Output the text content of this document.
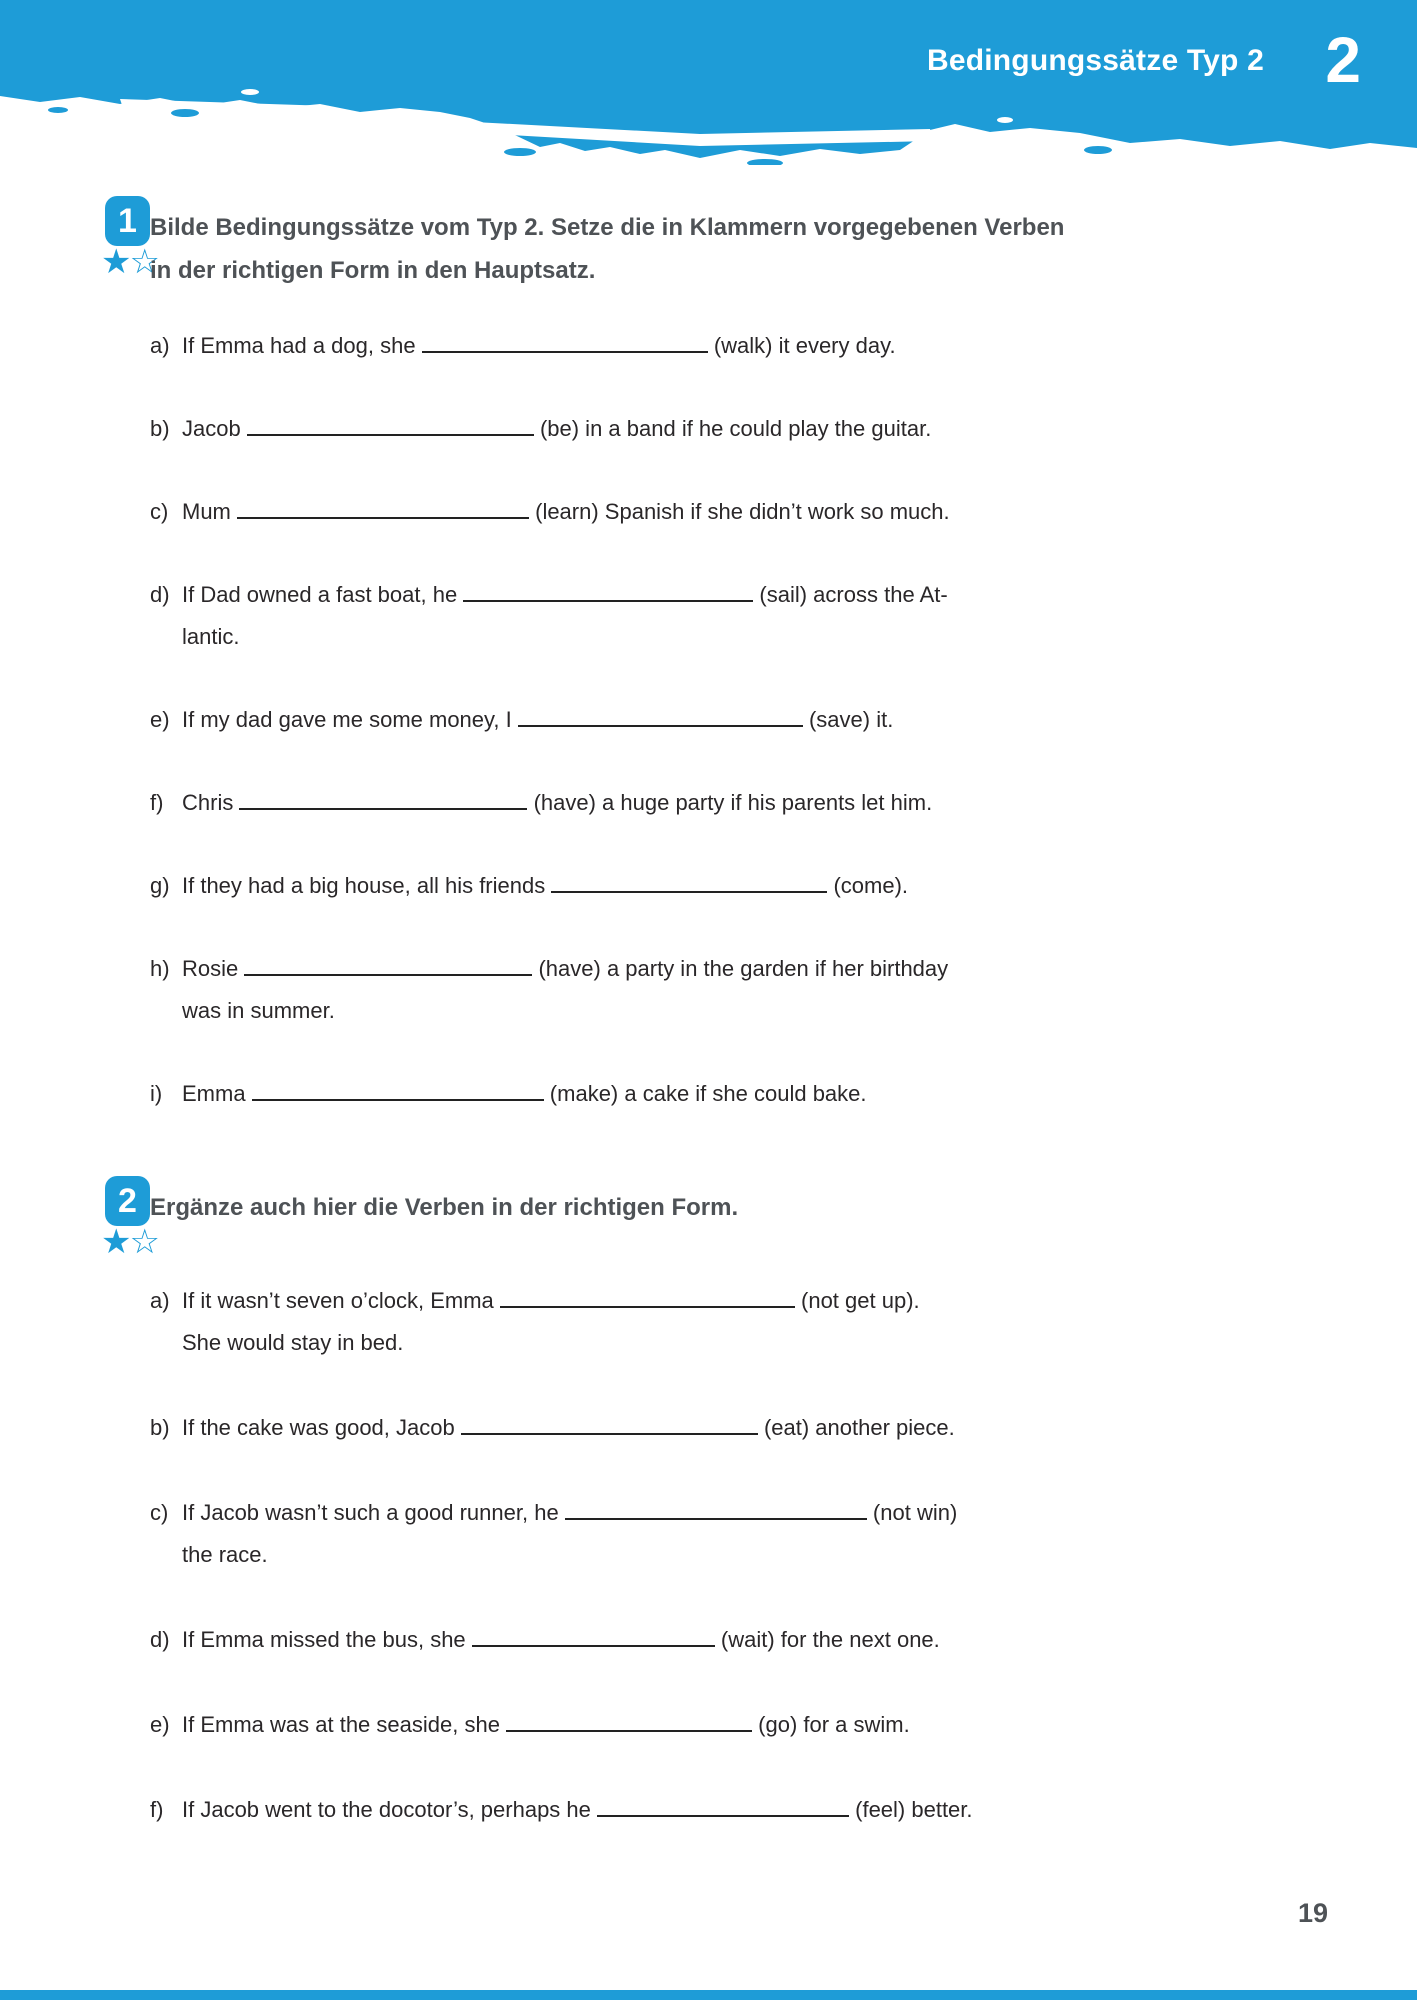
Bedingungssätze Typ 2 2
1
★☆
Bilde Bedingungssätze vom Typ 2. Setze die in Klammern vorgegebenen Verben
in der richtigen Form in den Hauptsatz.
a) If Emma had a dog, she	(walk) it every day.
b) Jacob	(be) in a band if he could play the guitar.
c) Mum	(learn) Spanish if she didn’t work so much.
d) If Dad owned a fast boat, he	(sail) across the At-
lantic.
e) If my dad gave me some money, I	(save) it.
f) Chris	(have) a huge party if his parents let him.
g) If they had a big house, all his friends	(come).
h) Rosie	(have) a party in the garden if her birthday
was in summer.
i) Emma	(make) a cake if she could bake.
2
★☆
Ergänze auch hier die Verben in der richtigen Form.
a) If it wasn’t seven o’clock, Emma	(not get up).
She would stay in bed.
b) If the cake was good, Jacob	(eat) another piece.
c) If Jacob wasn’t such a good runner, he	(not win)
the race.
d) If Emma missed the bus, she	(wait) for the next one.
e) If Emma was at the seaside, she	(go) for a swim.
f) If Jacob went to the docotor’s, perhaps he	(feel) better.
19
